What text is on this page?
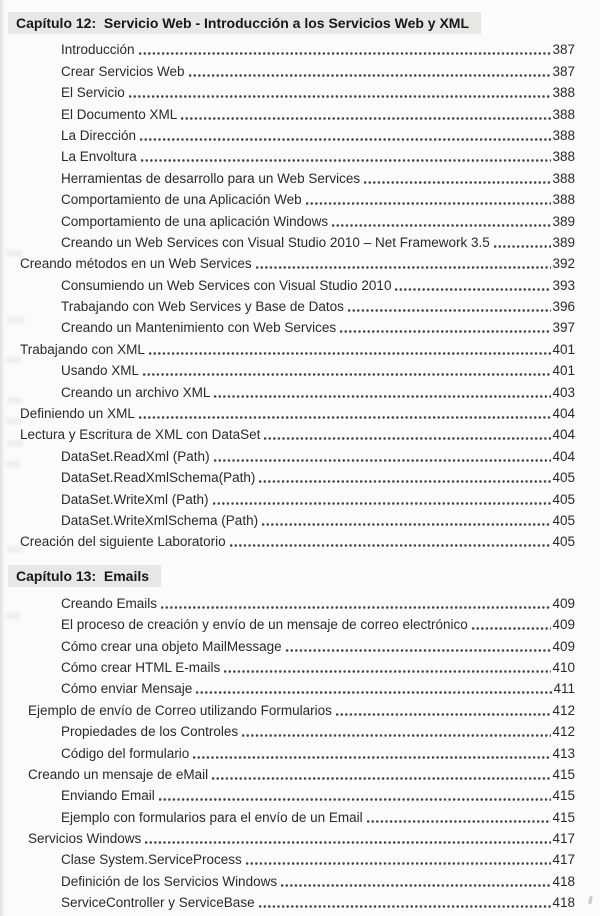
Capítulo 12:  Servicio Web - Introducción a los Servicios Web y XML
Introducción	387
Crear Servicios Web	387
El Servicio	388
El Documento XML	388
La Dirección	388
La Envoltura	388
Herramientas de desarrollo para un Web Services	388
Comportamiento de una Aplicación Web	388
Comportamiento de una aplicación Windows	389
Creando un Web Services con Visual Studio 2010 – Net Framework 3.5	389
Creando métodos en un Web Services	392
Consumiendo un Web Services con Visual Studio 2010	393
Trabajando con Web Services y Base de Datos	396
Creando un Mantenimiento con Web Services	397
Trabajando con XML	401
Usando XML	401
Creando un archivo XML	403
Definiendo un XML	404
Lectura y Escritura de XML con DataSet	404
DataSet.ReadXml (Path)	404
DataSet.ReadXmlSchema(Path)	405
DataSet.WriteXml (Path)	405
DataSet.WriteXmlSchema (Path)	405
Creación del siguiente Laboratorio	405
Capítulo 13:  Emails
Creando Emails	409
El proceso de creación y envío de un mensaje de correo electrónico	409
Cómo crear una objeto MailMessage	409
Cómo crear HTML E-mails	410
Cómo enviar Mensaje	411
Ejemplo de envío de Correo utilizando Formularios	412
Propiedades de los Controles	412
Código del formulario	413
Creando un mensaje de eMail	415
Enviando Email	415
Ejemplo con formularios para el envío de un Email	415
Servicios Windows	417
Clase System.ServiceProcess	417
Definición de los Servicios Windows	418
ServiceController y ServiceBase	418
